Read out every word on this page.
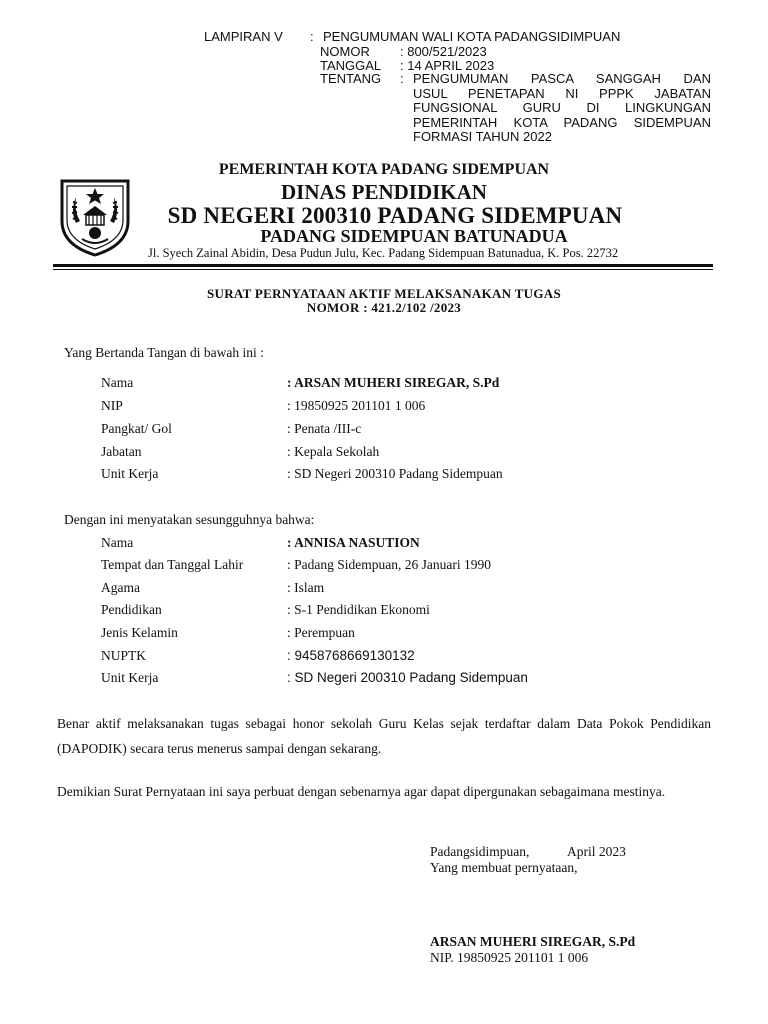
LAMPIRAN V : PENGUMUMAN WALI KOTA PADANGSIDIMPUAN
NOMOR : 800/521/2023
TANGGAL : 14 APRIL 2023
TENTANG : PENGUMUMAN PASCA SANGGAH DAN
USUL PENETAPAN NI PPPK JABATAN
FUNGSIONAL GURU DI LINGKUNGAN
PEMERINTAH KOTA PADANG SIDEMPUAN
FORMASI TAHUN 2022
PEMERINTAH KOTA PADANG SIDEMPUAN
DINAS PENDIDIKAN
SD NEGERI 200310 PADANG SIDEMPUAN
PADANG SIDEMPUAN BATUNADUA
Jl. Syech Zainal Abidin, Desa Pudun Julu, Kec. Padang Sidempuan Batunadua, K. Pos. 22732
SURAT PERNYATAAN AKTIF MELAKSANAKAN TUGAS
NOMOR : 421.2/102 /2023
Yang Bertanda Tangan di bawah ini :
Nama	: ARSAN MUHERI SIREGAR, S.Pd
NIP	: 19850925 201101 1 006
Pangkat/ Gol	: Penata /III-c
Jabatan	: Kepala Sekolah
Unit Kerja	: SD Negeri 200310 Padang Sidempuan
Dengan ini menyatakan sesungguhnya bahwa:
Nama	: ANNISA NASUTION
Tempat dan Tanggal Lahir	: Padang Sidempuan, 26 Januari 1990
Agama	: Islam
Pendidikan	: S-1 Pendidikan Ekonomi
Jenis Kelamin	: Perempuan
NUPTK	: 9458768669130132
Unit Kerja	: SD Negeri 200310 Padang Sidempuan
Benar aktif melaksanakan tugas sebagai honor sekolah Guru Kelas sejak terdaftar dalam Data Pokok Pendidikan (DAPODIK) secara terus menerus sampai dengan sekarang.
Demikian Surat Pernyataan ini saya perbuat dengan sebenarnya agar dapat dipergunakan sebagaimana mestinya.
Padangsidimpuan,	April 2023
Yang membuat pernyataan,
ARSAN MUHERI SIREGAR, S.Pd
NIP. 19850925 201101 1 006
